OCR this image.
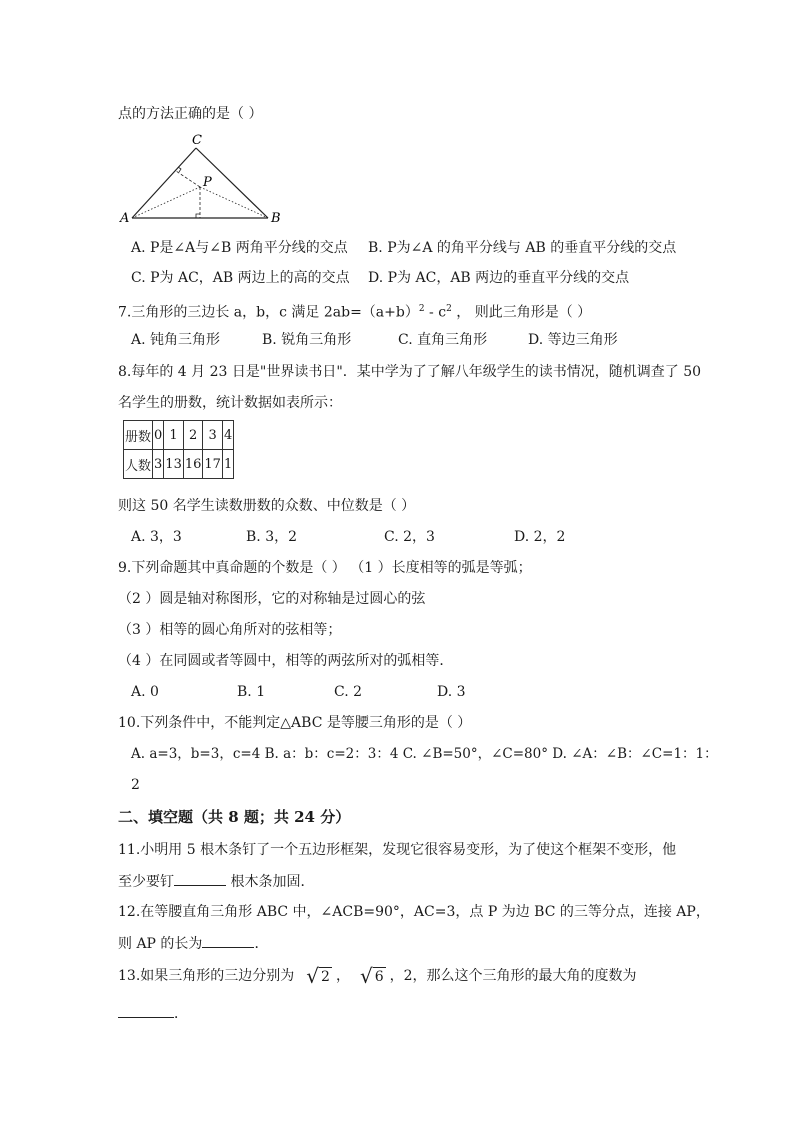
点的方法正确的是（ ）
C
P
A	B
A. P是∠A与∠B 两角平分线的交点 B. P为∠A 的角平分线与 AB 的垂直平分线的交点
C. P为 AC，AB 两边上的高的交点 D. P为 AC，AB 两边的垂直平分线的交点
7.三角形的三边长 a，b，c 满足 $2ab=(a+b)^2 - c^2$ ， 则此三角形是（ ）
A. 钝角三角形	B. 锐角三角形	C. 直角三角形	D. 等边三角形
8.每年的 4 月 23 日是"世界读书日"．某中学为了了解八年级学生的读书情况，随机调查了 50
名学生的册数，统计数据如表所示：
册数	0	1	2	3	4
人数	3	13	16	17	1
则这 50 名学生读数册数的众数、中位数是（ ）
A. 3，3	B. 3，2	C. 2，3	D. 2，2
9.下列命题其中真命题的个数是（ ） （1 ）长度相等的弧是等弧；
（2 ）圆是轴对称图形，它的对称轴是过圆心的弦
（3 ）相等的圆心角所对的弦相等；
（4 ）在同圆或者等圆中，相等的两弦所对的弧相等．
A. 0	B. 1	C. 2	D. 3
10.下列条件中，不能判定△ABC 是等腰三角形的是（ ）
A. a=3，b=3，c=4 B. a：b：c=2：3：4 C. ∠B=50°，∠C=80° D. ∠A：∠B：∠C=1：1：
2
二、填空题（共 8 题；共 24 分）
11.小明用 5 根木条钉了一个五边形框架，发现它很容易变形，为了使这个框架不变形，他
至少要钉	根木条加固．
12.在等腰直角三角形 ABC 中，∠ACB=90°，AC=3，点 P 为边 BC 的三等分点，连接 AP，
则 AP 的长为	．
13.如果三角形的三边分别为 √ 2 ， √ 6 ，2，那么这个三角形的最大角的度数为
．
